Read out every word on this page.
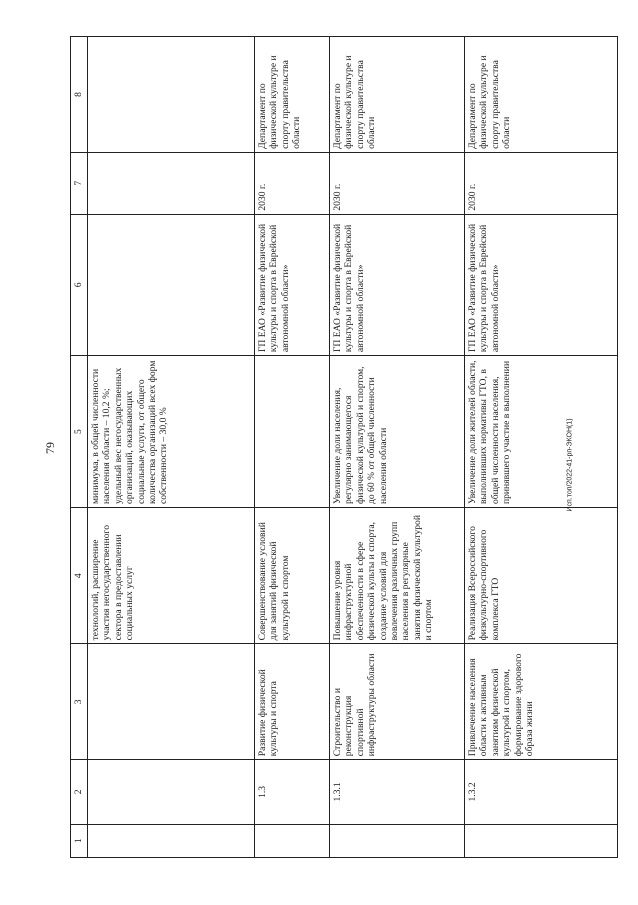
79
1	2	3	4	5	6	7	8
			технологий, расширение участия негосударственного сектора в предоставлении социальных услуг	минимума, в общей численности населения области – 10,2 %; удельный вес негосударственных организаций, оказывающих социальные услуги, от общего количества организаций всех форм собственности – 30,0 %			
	1.3	Развитие физической культуры и спорта	Совершенствование условий для занятий физической культурой и спортом		ГП ЕАО «Развитие физической культуры и спорта в Еврейской автономной области»	2030 г.	Департамент по физической культуре и спорту правительства области
	1.3.1	Строительство и реконструкция спортивной инфраструктуры области	Повышение уровня инфраструктурной обеспеченности в сфере физической культы и спорта, создание условий для вовлечения различных групп населения в регулярные занятия физической культурой и спортом	Увеличение доли населения, регулярно занимающегося физической культурой и спортом, до 60 % от общей численности населения области	ГП ЕАО «Развитие физической культуры и спорта в Еврейской автономной области»	2030 г.	Департамент по физической культуре и спорту правительства области
	1.3.2	Привлечение населения области к активным занятиям физической культурой и спортом, формирование здорового образа жизни	Реализация Всероссийского физкультурно-спортивного комплекса ГТО	Увеличение доли жителей области, выполнивших нормативы ГТО, в общей численности населения, принявшего участие в выполнении	ГП ЕАО «Развитие физической культуры и спорта в Еврейской автономной области»	2030 г.	Департамент по физической культуре и спорту правительства области
Исп.топ/2022-41-рп-ЭКОН(1)
